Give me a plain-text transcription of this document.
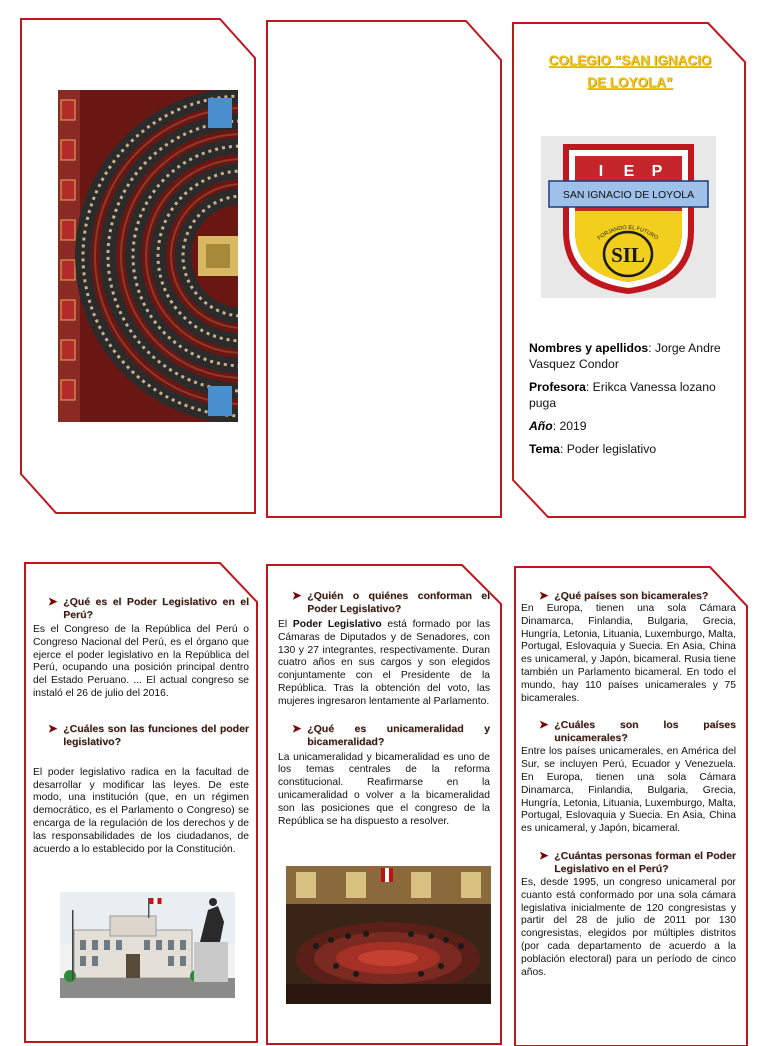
COLEGIO “SAN IGNACIO
DE LOYOLA”
I E P
SAN IGNACIO DE LOYOLA
SIL
FORJANDO EL FUTURO

Nombres y apellidos: Jorge Andre Vasquez Condor

Profesora: Erikca Vanessa lozano puga

Año: 2019

Tema: Poder legislativo

➤ ¿Qué es el Poder Legislativo en el Perú?

Es el Congreso de la República del Perú o Congreso Nacional del Perú, es el órgano que ejerce el poder legislativo en la República del Perú, ocupando una posición principal dentro del Estado Peruano. ... El actual congreso se instaló el 26 de julio del 2016.

➤ ¿Cuáles son las funciones del poder legislativo?

El poder legislativo radica en la facultad de desarrollar y modificar las leyes. De este modo, una institución (que, en un régimen democrático, es el Parlamento o Congreso) se encarga de la regulación de los derechos y de las responsabilidades de los ciudadanos, de acuerdo a lo establecido por la Constitución.

➤ ¿Quién o quiénes conforman el Poder Legislativo?

El Poder Legislativo está formado por las Cámaras de Diputados y de Senadores, con 130 y 27 integrantes, respectivamente. Duran cuatro años en sus cargos y son elegidos conjuntamente con el Presidente de la República. Tras la obtención del voto, las mujeres ingresaron lentamente al Parlamento.

➤ ¿Qué es unicameralidad y bicameralidad?

La unicameralidad y bicameralidad es uno de los temas centrales de la reforma constitucional. Reafirmarse en la unicameralidad o volver a la bicameralidad son las posiciones que el congreso de la República se ha dispuesto a resolver.

➤ ¿Qué países son bicamerales?

En Europa, tienen una sola Cámara Dinamarca, Finlandia, Bulgaria, Grecia, Hungría, Letonia, Lituania, Luxemburgo, Malta, Portugal, Eslovaquia y Suecia. En Asia, China es unicameral, y Japón, bicameral. Rusia tiene también un Parlamento bicameral. En todo el mundo, hay 110 países unicamerales y 75 bicamerales.

➤ ¿Cuáles son los países unicamerales?

Entre los países unicamerales, en América del Sur, se incluyen Perú, Ecuador y Venezuela. En Europa, tienen una sola Cámara Dinamarca, Finlandia, Bulgaria, Grecia, Hungría, Letonia, Lituania, Luxemburgo, Malta, Portugal, Eslovaquia y Suecia. En Asia, China es unicameral, y Japón, bicameral.

➤ ¿Cuántas personas forman el Poder Legislativo en el Perú?

Es, desde 1995, un congreso unicameral por cuanto está conformado por una sola cámara legislativa inicialmente de 120 congresistas y partir del 28 de julio de 2011 por 130 congresistas, elegidos por múltiples distritos (por cada departamento de acuerdo a la población electoral) para un período de cinco años.
